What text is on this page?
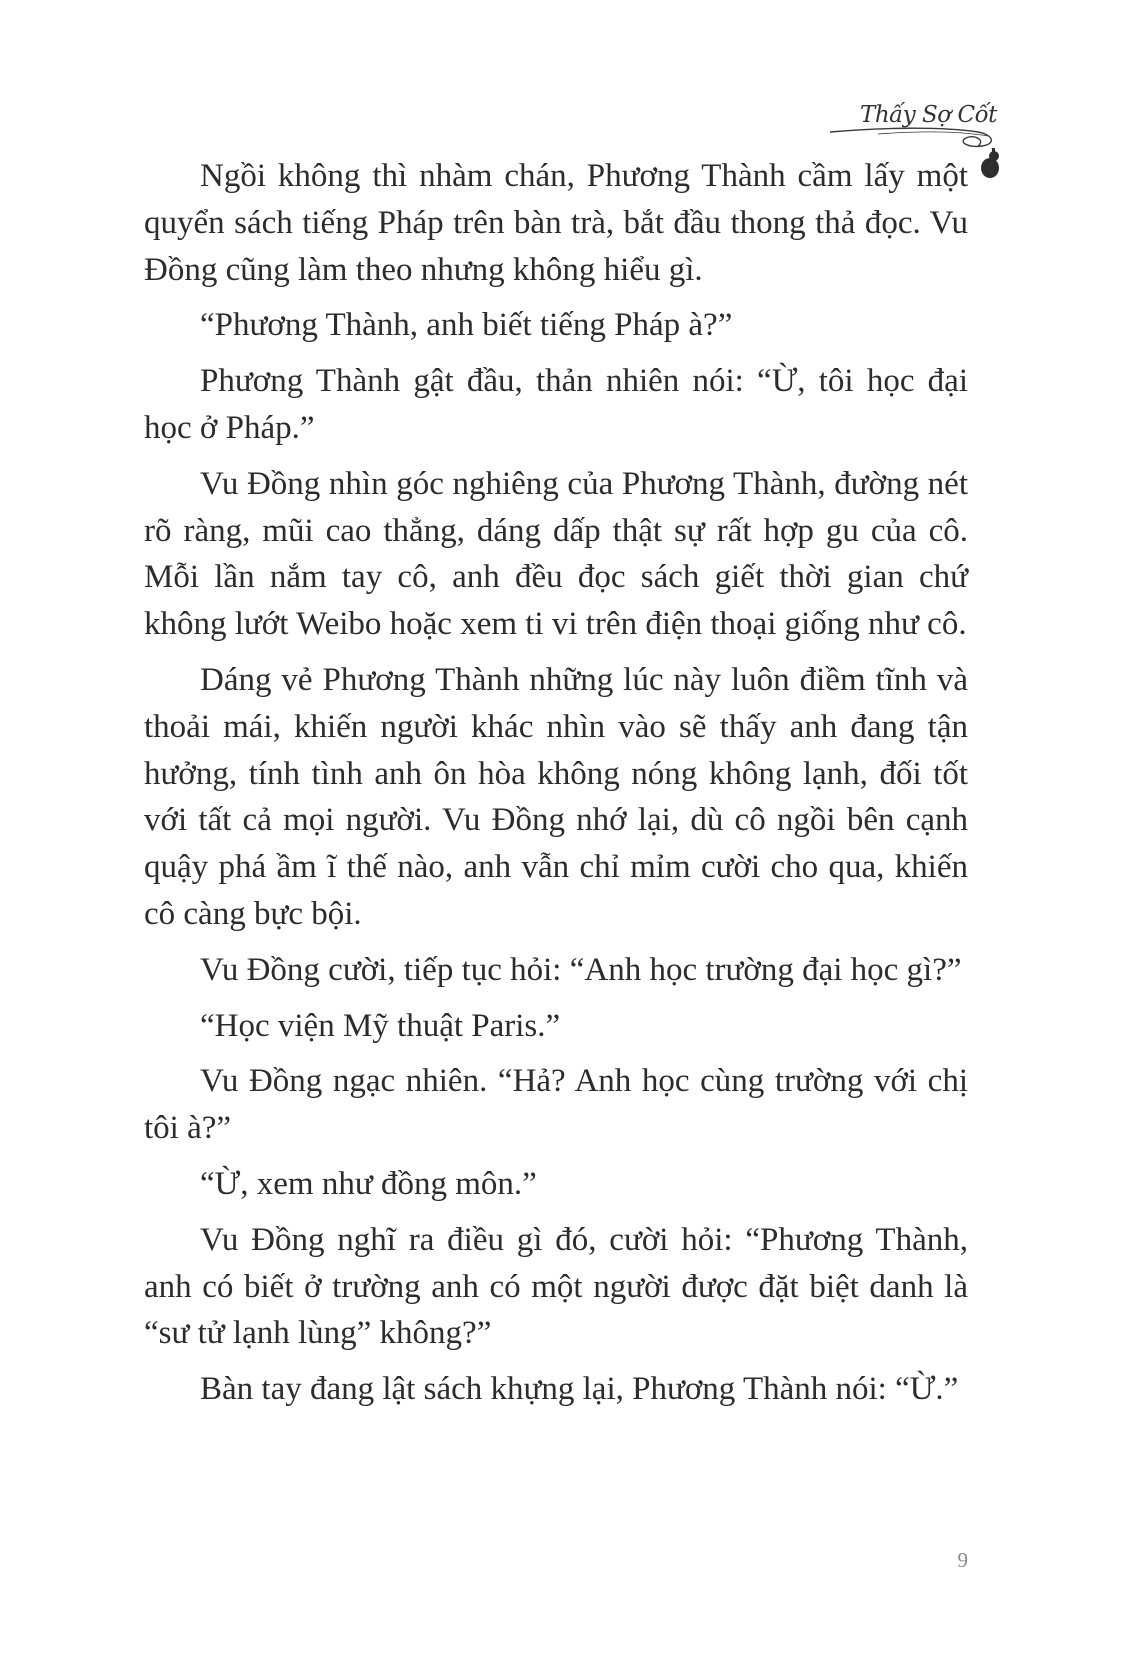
Thấy Sợ Cốt

Ngồi không thì nhàm chán, Phương Thành cầm lấy một quyển sách tiếng Pháp trên bàn trà, bắt đầu thong thả đọc. Vu Đồng cũng làm theo nhưng không hiểu gì.

“Phương Thành, anh biết tiếng Pháp à?”

Phương Thành gật đầu, thản nhiên nói: “Ừ, tôi học đại học ở Pháp.”

Vu Đồng nhìn góc nghiêng của Phương Thành, đường nét rõ ràng, mũi cao thẳng, dáng dấp thật sự rất hợp gu của cô. Mỗi lần nắm tay cô, anh đều đọc sách giết thời gian chứ không lướt Weibo hoặc xem ti vi trên điện thoại giống như cô.

Dáng vẻ Phương Thành những lúc này luôn điềm tĩnh và thoải mái, khiến người khác nhìn vào sẽ thấy anh đang tận hưởng, tính tình anh ôn hòa không nóng không lạnh, đối tốt với tất cả mọi người. Vu Đồng nhớ lại, dù cô ngồi bên cạnh quậy phá ầm ĩ thế nào, anh vẫn chỉ mỉm cười cho qua, khiến cô càng bực bội.

Vu Đồng cười, tiếp tục hỏi: “Anh học trường đại học gì?”

“Học viện Mỹ thuật Paris.”

Vu Đồng ngạc nhiên. “Hả? Anh học cùng trường với chị tôi à?”

“Ừ, xem như đồng môn.”

Vu Đồng nghĩ ra điều gì đó, cười hỏi: “Phương Thành, anh có biết ở trường anh có một người được đặt biệt danh là “sư tử lạnh lùng” không?”

Bàn tay đang lật sách khựng lại, Phương Thành nói: “Ừ.”

9
